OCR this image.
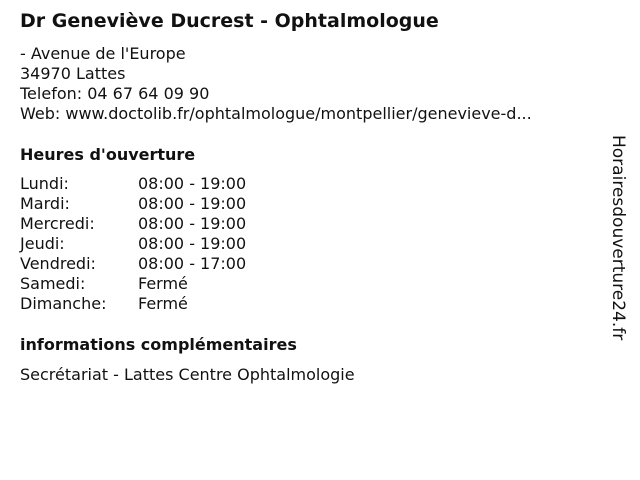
Dr Geneviève Ducrest - Ophtalmologue
- Avenue de l'Europe
34970 Lattes
Telefon: 04 67 64 09 90
Web: www.doctolib.fr/ophtalmologue/montpellier/genevieve-d...
Heures d'ouverture
Lundi:	08:00 - 19:00
Mardi:	08:00 - 19:00
Mercredi:	08:00 - 19:00
Jeudi:	08:00 - 19:00
Vendredi:	08:00 - 17:00
Samedi:	Fermé
Dimanche:	Fermé
informations complémentaires
Secrétariat - Lattes Centre Ophtalmologie
Horairesdouverture24.fr
